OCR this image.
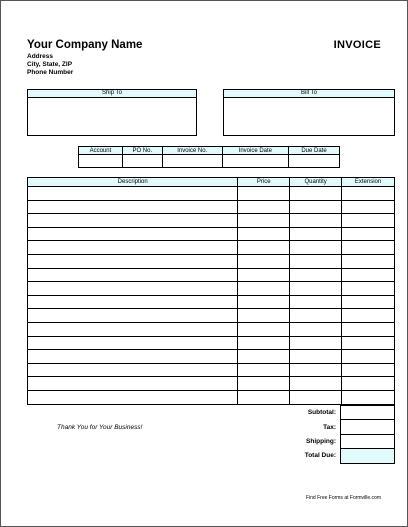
Your Company Name
Address
City, State, ZIP
Phone Number
INVOICE
Ship To	Bill To
Account	PO No.	Invoice No.	Invoice Date	Due Date

Description	Price	Quantity	Extension

Subtotal:	
Tax:	
Shipping:	
Total Due:	
Thank You for Your Business!
Find Free Forms at Formville.com
